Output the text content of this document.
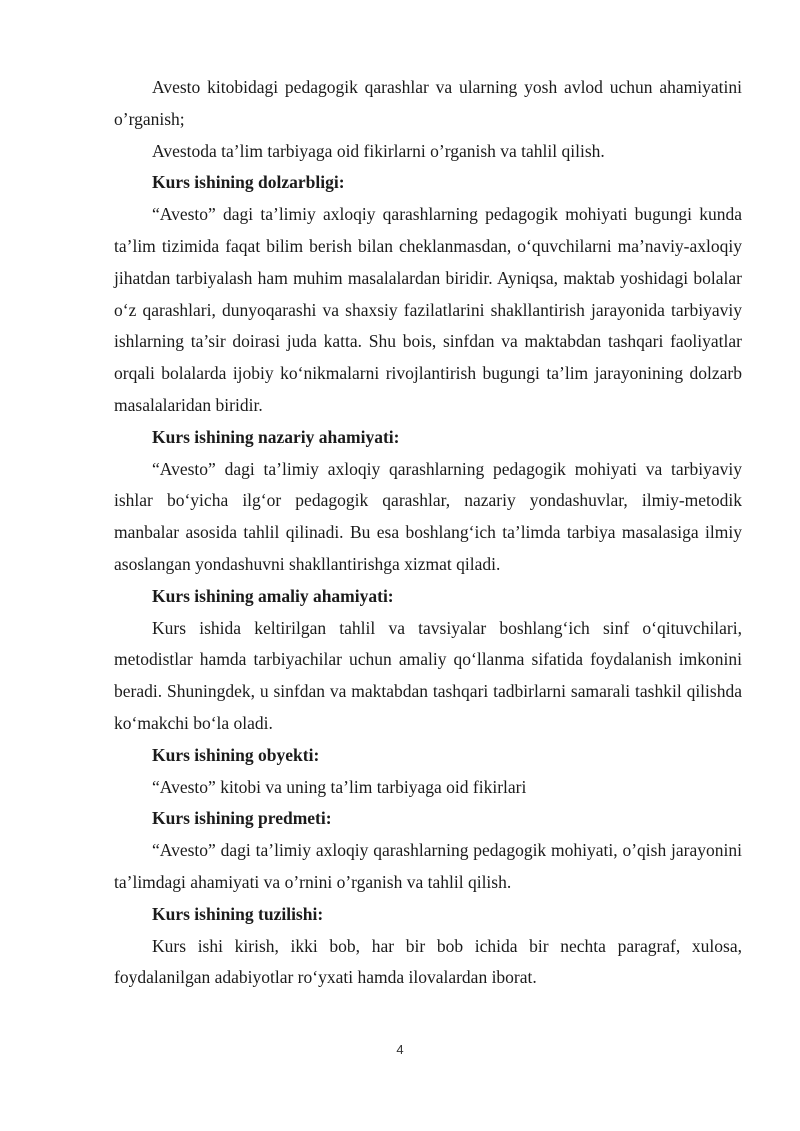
Avesto kitobidagi pedagogik qarashlar va ularning yosh avlod uchun ahamiyatini o’rganish;

Avestoda ta’lim tarbiyaga oid fikirlarni o’rganish va tahlil qilish.

Kurs ishining dolzarbligi:

“Avesto” dagi ta’limiy axloqiy qarashlarning pedagogik mohiyati bugungi kunda ta’lim tizimida faqat bilim berish bilan cheklanmasdan, o‘quvchilarni ma’naviy-axloqiy jihatdan tarbiyalash ham muhim masalalardan biridir. Ayniqsa, maktab yoshidagi bolalar o‘z qarashlari, dunyoqarashi va shaxsiy fazilatlarini shakllantirish jarayonida tarbiyaviy ishlarning ta’sir doirasi juda katta. Shu bois, sinfdan va maktabdan tashqari faoliyatlar orqali bolalarda ijobiy ko‘nikmalarni rivojlantirish bugungi ta’lim jarayonining dolzarb masalalaridan biridir.

Kurs ishining nazariy ahamiyati:

“Avesto” dagi ta’limiy axloqiy qarashlarning pedagogik mohiyati va tarbiyaviy ishlar bo‘yicha ilg‘or pedagogik qarashlar, nazariy yondashuvlar, ilmiy-metodik manbalar asosida tahlil qilinadi. Bu esa boshlang‘ich ta’limda tarbiya masalasiga ilmiy asoslangan yondashuvni shakllantirishga xizmat qiladi.

Kurs ishining amaliy ahamiyati:

Kurs ishida keltirilgan tahlil va tavsiyalar boshlang‘ich sinf o‘qituvchilari, metodistlar hamda tarbiyachilar uchun amaliy qo‘llanma sifatida foydalanish imkonini beradi. Shuningdek, u sinfdan va maktabdan tashqari tadbirlarni samarali tashkil qilishda ko‘makchi bo‘la oladi.

Kurs ishining obyekti:

“Avesto” kitobi va uning ta’lim tarbiyaga oid fikirlari

Kurs ishining predmeti:

“Avesto” dagi ta’limiy axloqiy qarashlarning pedagogik mohiyati, o’qish jarayonini ta’limdagi ahamiyati va o’rnini o’rganish va tahlil qilish.

Kurs ishining tuzilishi:

Kurs ishi kirish, ikki bob, har bir bob ichida bir nechta paragraf, xulosa, foydalanilgan adabiyotlar ro‘yxati hamda ilovalardan iborat.

4
